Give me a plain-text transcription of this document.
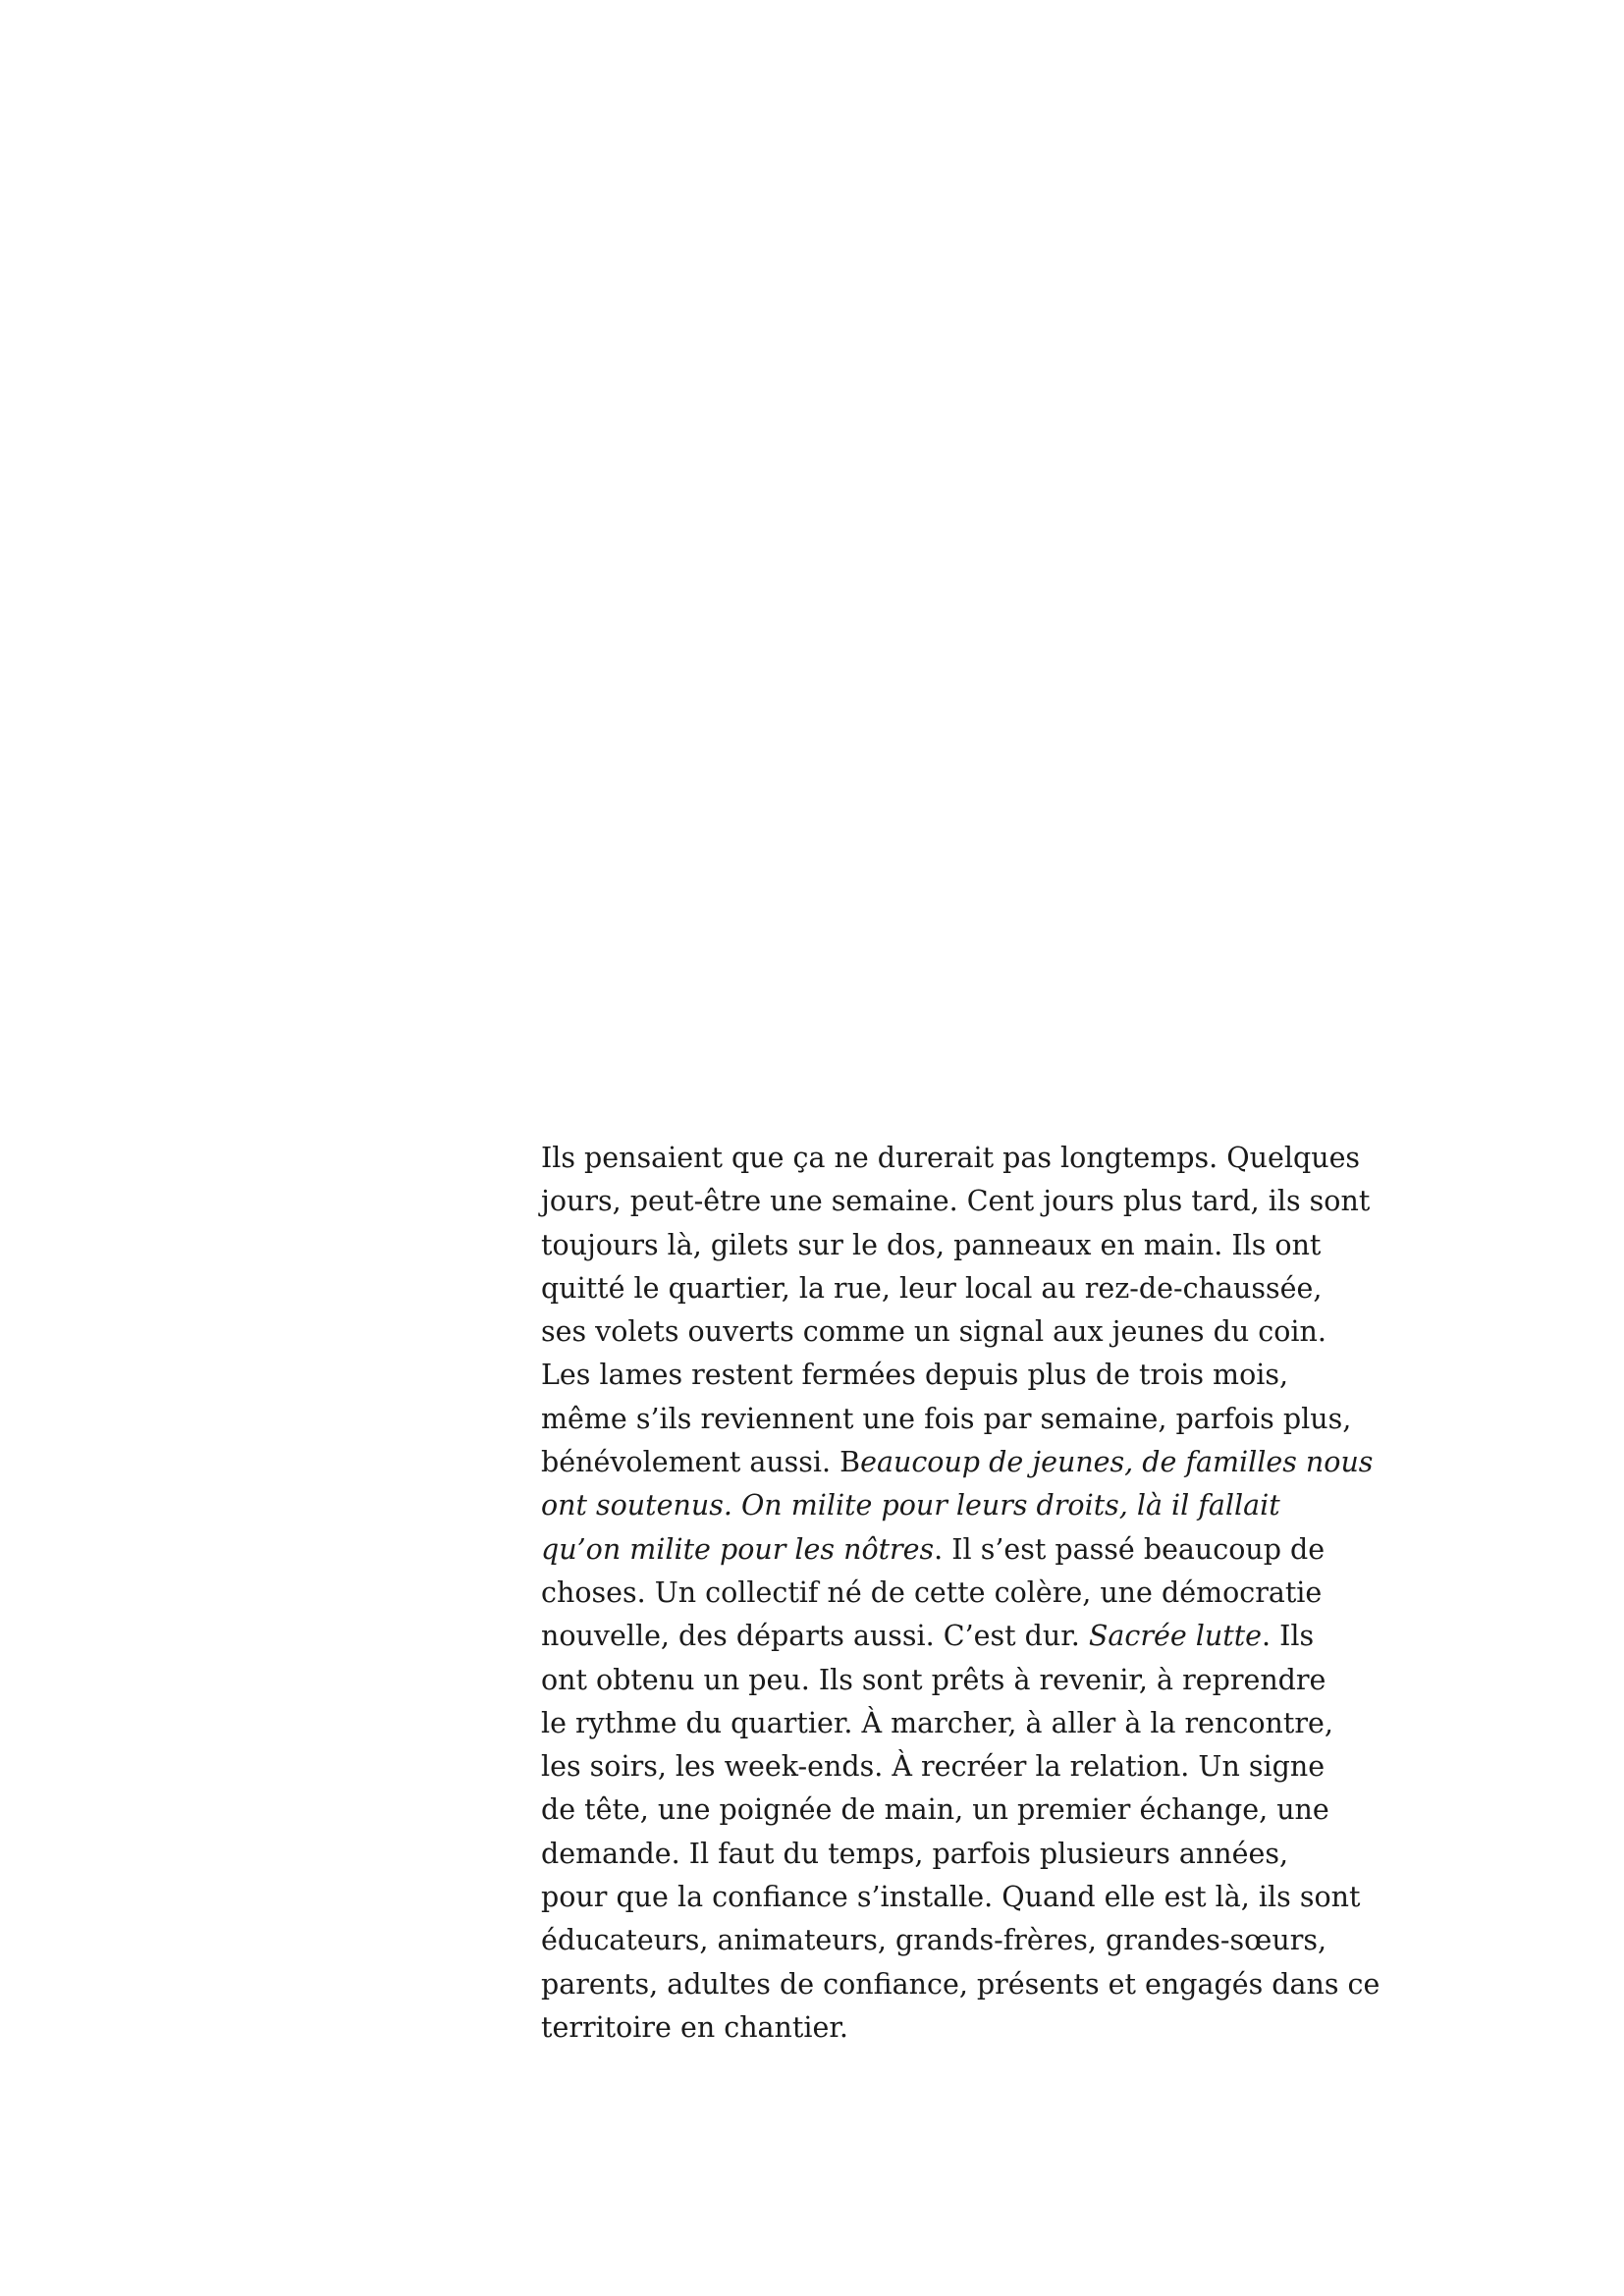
Ils pensaient que ça ne durerait pas longtemps. Quelques
jours, peut-être une semaine. Cent jours plus tard, ils sont
toujours là, gilets sur le dos, panneaux en main. Ils ont
quitté le quartier, la rue, leur local au rez-de-chaussée,
ses volets ouverts comme un signal aux jeunes du coin.
Les lames restent fermées depuis plus de trois mois,
même s’ils reviennent une fois par semaine, parfois plus,
bénévolement aussi. Beaucoup de jeunes, de familles nous
ont soutenus. On milite pour leurs droits, là il fallait
qu’on milite pour les nôtres. Il s’est passé beaucoup de
choses. Un collectif né de cette colère, une démocratie
nouvelle, des départs aussi. C’est dur. Sacrée lutte. Ils
ont obtenu un peu. Ils sont prêts à revenir, à reprendre
le rythme du quartier. À marcher, à aller à la rencontre,
les soirs, les week-ends. À recréer la relation. Un signe
de tête, une poignée de main, un premier échange, une
demande. Il faut du temps, parfois plusieurs années,
pour que la confiance s’installe. Quand elle est là, ils sont
éducateurs, animateurs, grands-frères, grandes-sœurs,
parents, adultes de confiance, présents et engagés dans ce
territoire en chantier.
